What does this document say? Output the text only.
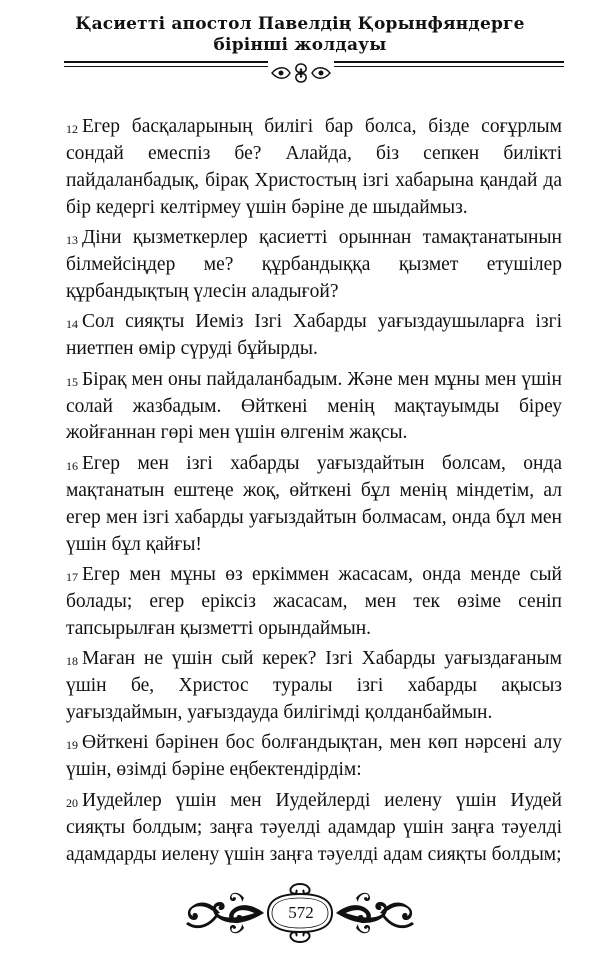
Қасиетті апостол Павелдің Қорынфяндерге
бірінші жолдауы

$^{12}$ Егер басқаларының билігі бар болса, бізде соғұрлым сондай емеспіз бе? Алайда, біз сепкен билікті пайдаланбадық, бірақ Христостың ізгі хабарына қандай да бір кедергі келтірмеу үшін бәріне де шыдаймыз.

$^{13}$ Діни қызметкерлер қасиетті орыннан тамақтанатынын білмейсіңдер ме? құрбандыққа қызмет етушілер құрбандықтың үлесін аладығой?

$^{14}$ Сол сияқты Иеміз Ізгі Хабарды уағыздаушыларға ізгі ниетпен өмір сүруді бұйырды.

$^{15}$ Бірақ мен оны пайдаланбадым. Және мен мұны мен үшін солай жазбадым. Өйткені менің мақтауымды біреу жойғаннан гөрі мен үшін өлгенім жақсы.

$^{16}$ Егер мен ізгі хабарды уағыздайтын болсам, онда мақтанатын ештеңе жоқ, өйткені бұл менің міндетім, ал егер мен ізгі хабарды уағыздайтын болмасам, онда бұл мен үшін бұл қайғы!

$^{17}$ Егер мен мұны өз еркіммен жасасам, онда менде сый болады; егер еріксіз жасасам, мен тек өзіме сеніп тапсырылған қызметті орындаймын.

$^{18}$ Маған не үшін сый керек? Ізгі Хабарды уағыздағаным үшін бе, Христос туралы ізгі хабарды ақысыз уағыздаймын, уағыздауда билігімді қолданбаймын.

$^{19}$ Өйткені бәрінен бос болғандықтан, мен көп нәрсені алу үшін, өзімді бәріне еңбектендірдім:

$^{20}$ Иудейлер үшін мен Иудейлерді иелену үшін Иудей сияқты болдым; заңға тәуелді адамдар үшін заңға тәуелді адамдарды иелену үшін заңға тәуелді адам сияқты болдым;

572
